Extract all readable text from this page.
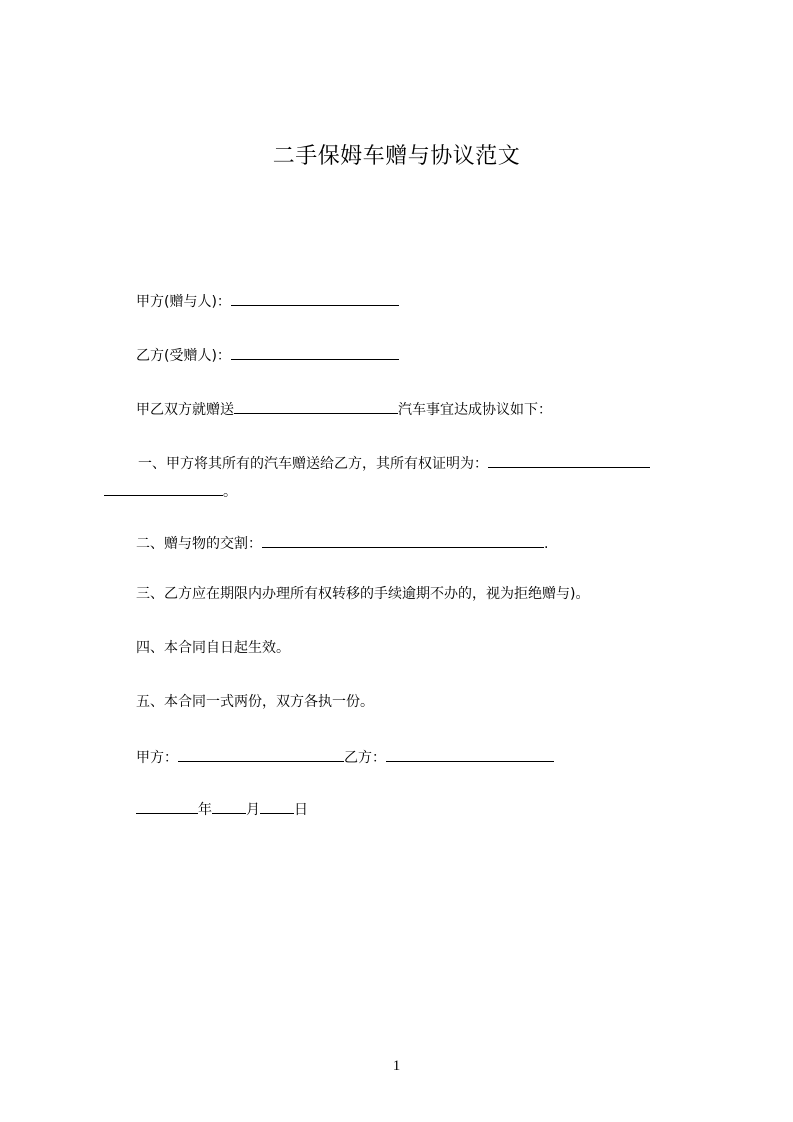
二手保姆车赠与协议范文
甲方(赠与人)：
乙方(受赠人)：
甲乙双方就赠送	汽车事宜达成协议如下：
一、甲方将其所有的汽车赠送给乙方，其所有权证明为：
。
二、赠与物的交割：	.
三、乙方应在期限内办理所有权转移的手续逾期不办的，视为拒绝赠与)。
四、本合同自日起生效。
五、本合同一式两份，双方各执一份。
甲方：	乙方：
年 月 日
1
